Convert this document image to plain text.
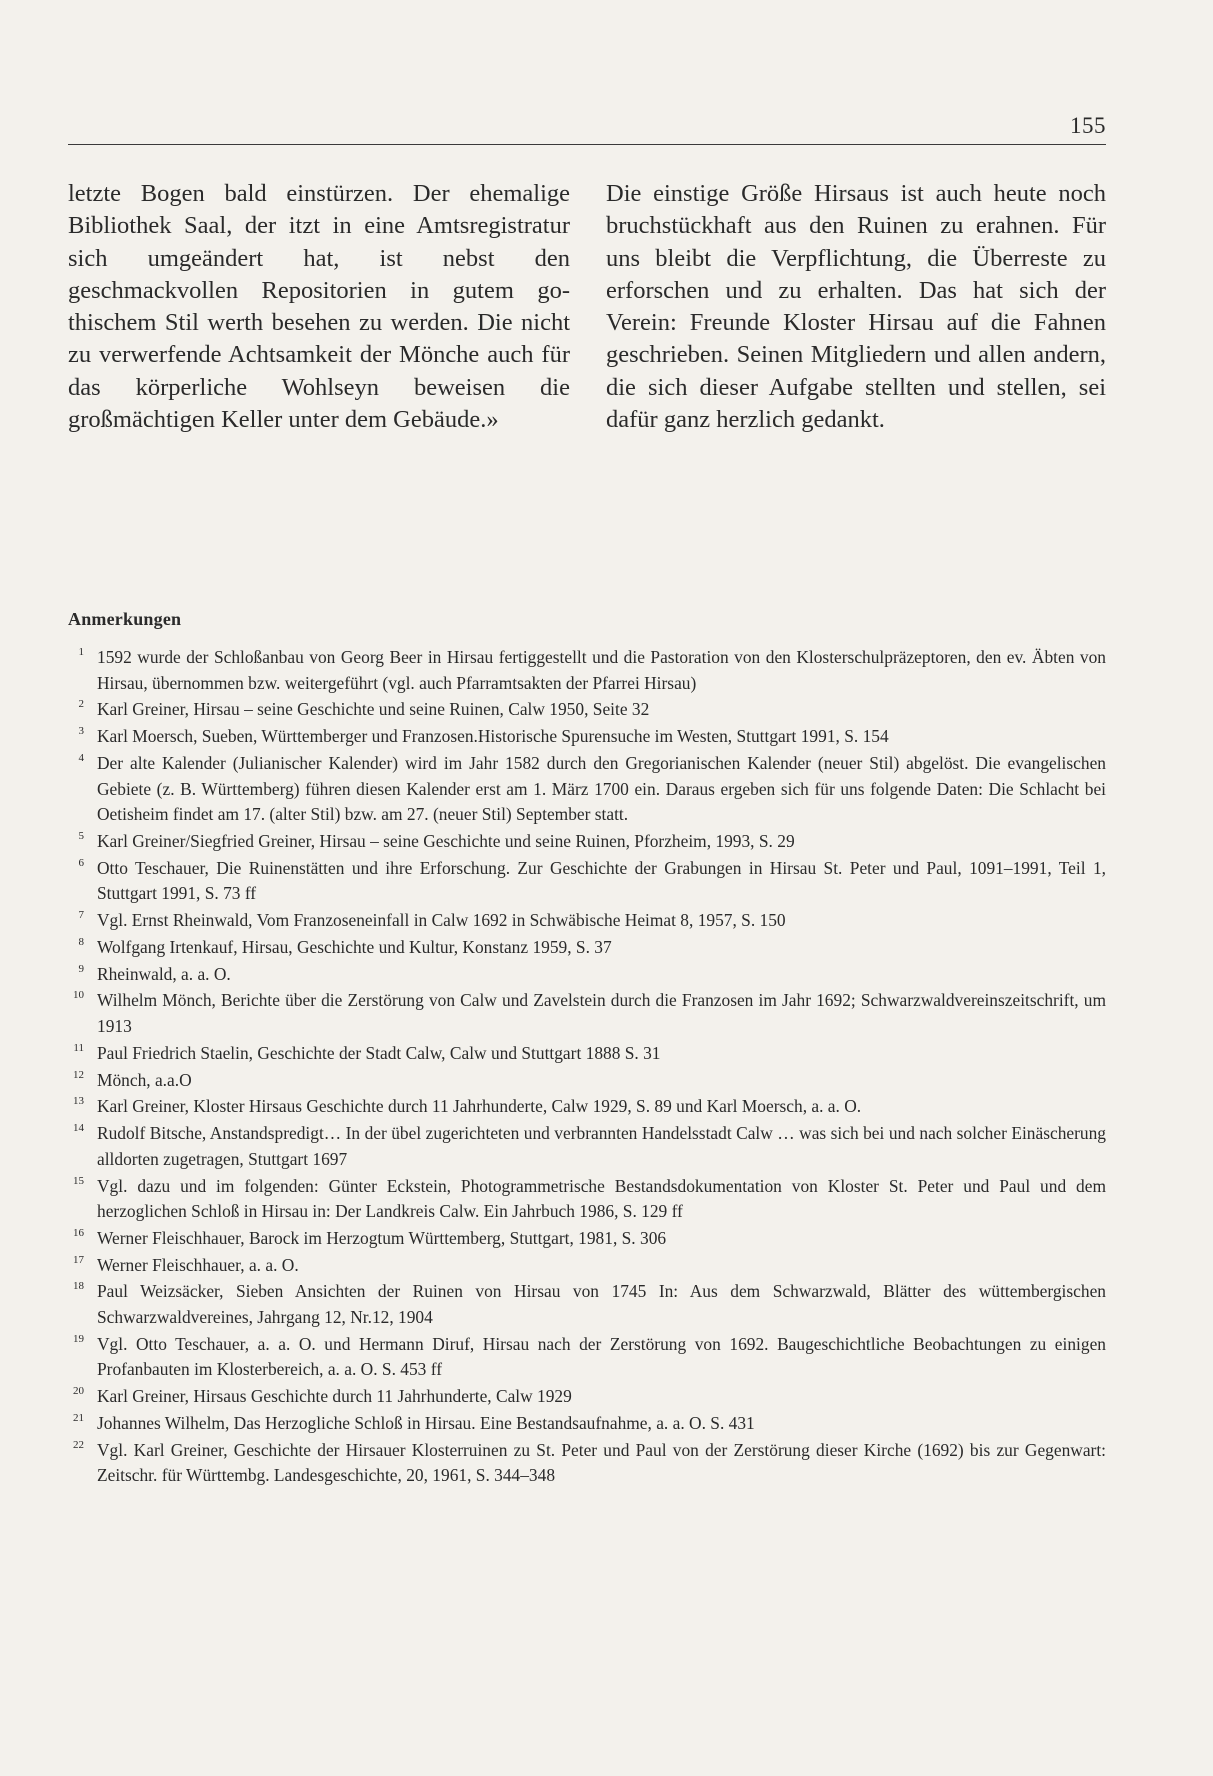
155

letzte Bogen bald einstürzen. Der ehemalige Bibliothek Saal, der itzt in eine Amtsregistratur sich umgeändert hat, ist nebst den geschmackvollen Repositorien in gutem gothischem Stil werth besehen zu werden. Die nicht zu verwerfende Achtsamkeit der Mönche auch für das körperliche Wohlseyn beweisen die großmächtigen Keller unter dem Gebäude.»

Die einstige Größe Hirsaus ist auch heute noch bruchstückhaft aus den Ruinen zu erahnen. Für uns bleibt die Verpflichtung, die Überreste zu erforschen und zu erhalten. Das hat sich der Verein: Freunde Kloster Hirsau auf die Fahnen geschrieben. Seinen Mitgliedern und allen andern, die sich dieser Aufgabe stellten und stellen, sei dafür ganz herzlich gedankt.

Anmerkungen
1 1592 wurde der Schloßanbau von Georg Beer in Hirsau fertiggestellt und die Pastoration von den Klosterschulpräzeptoren, den ev. Äbten von Hirsau, übernommen bzw. weitergeführt (vgl. auch Pfarramtsakten der Pfarrei Hirsau)
2 Karl Greiner, Hirsau – seine Geschichte und seine Ruinen, Calw 1950, Seite 32
3 Karl Moersch, Sueben, Württemberger und Franzosen.Historische Spurensuche im Westen, Stuttgart 1991, S. 154
4 Der alte Kalender (Julianischer Kalender) wird im Jahr 1582 durch den Gregorianischen Kalender (neuer Stil) abgelöst. Die evangelischen Gebiete (z. B. Württemberg) führen diesen Kalender erst am 1. März 1700 ein. Daraus ergeben sich für uns folgende Daten: Die Schlacht bei Oetisheim findet am 17. (alter Stil) bzw. am 27. (neuer Stil) September statt.
5 Karl Greiner/Siegfried Greiner, Hirsau – seine Geschichte und seine Ruinen, Pforzheim, 1993, S. 29
6 Otto Teschauer, Die Ruinenstätten und ihre Erforschung. Zur Geschichte der Grabungen in Hirsau St. Peter und Paul, 1091–1991, Teil 1, Stuttgart 1991, S. 73 ff
7 Vgl. Ernst Rheinwald, Vom Franzoseneinfall in Calw 1692 in Schwäbische Heimat 8, 1957, S. 150
8 Wolfgang Irtenkauf, Hirsau, Geschichte und Kultur, Konstanz 1959, S. 37
9 Rheinwald, a. a. O.
10 Wilhelm Mönch, Berichte über die Zerstörung von Calw und Zavelstein durch die Franzosen im Jahr 1692; Schwarzwaldvereinszeitschrift, um 1913
11 Paul Friedrich Staelin, Geschichte der Stadt Calw, Calw und Stuttgart 1888 S. 31
12 Mönch, a.a.O
13 Karl Greiner, Kloster Hirsaus Geschichte durch 11 Jahrhunderte, Calw 1929, S. 89 und Karl Moersch, a. a. O.
14 Rudolf Bitsche, Anstandspredigt… In der übel zugerichteten und verbrannten Handelsstadt Calw … was sich bei und nach solcher Einäscherung alldorten zugetragen, Stuttgart 1697
15 Vgl. dazu und im folgenden: Günter Eckstein, Photogrammetrische Bestandsdokumentation von Kloster St. Peter und Paul und dem herzoglichen Schloß in Hirsau in: Der Landkreis Calw. Ein Jahrbuch 1986, S. 129 ff
16 Werner Fleischhauer, Barock im Herzogtum Württemberg, Stuttgart, 1981, S. 306
17 Werner Fleischhauer, a. a. O.
18 Paul Weizsäcker, Sieben Ansichten der Ruinen von Hirsau von 1745 In: Aus dem Schwarzwald, Blätter des wüttembergischen Schwarzwaldvereines, Jahrgang 12, Nr.12, 1904
19 Vgl. Otto Teschauer, a. a. O. und Hermann Diruf, Hirsau nach der Zerstörung von 1692. Baugeschichtliche Beobachtungen zu einigen Profanbauten im Klosterbereich, a. a. O. S. 453 ff
20 Karl Greiner, Hirsaus Geschichte durch 11 Jahrhunderte, Calw 1929
21 Johannes Wilhelm, Das Herzogliche Schloß in Hirsau. Eine Bestandsaufnahme, a. a. O. S. 431
22 Vgl. Karl Greiner, Geschichte der Hirsauer Klosterruinen zu St. Peter und Paul von der Zerstörung dieser Kirche (1692) bis zur Gegenwart: Zeitschr. für Württembg. Landesgeschichte, 20, 1961, S. 344–348
